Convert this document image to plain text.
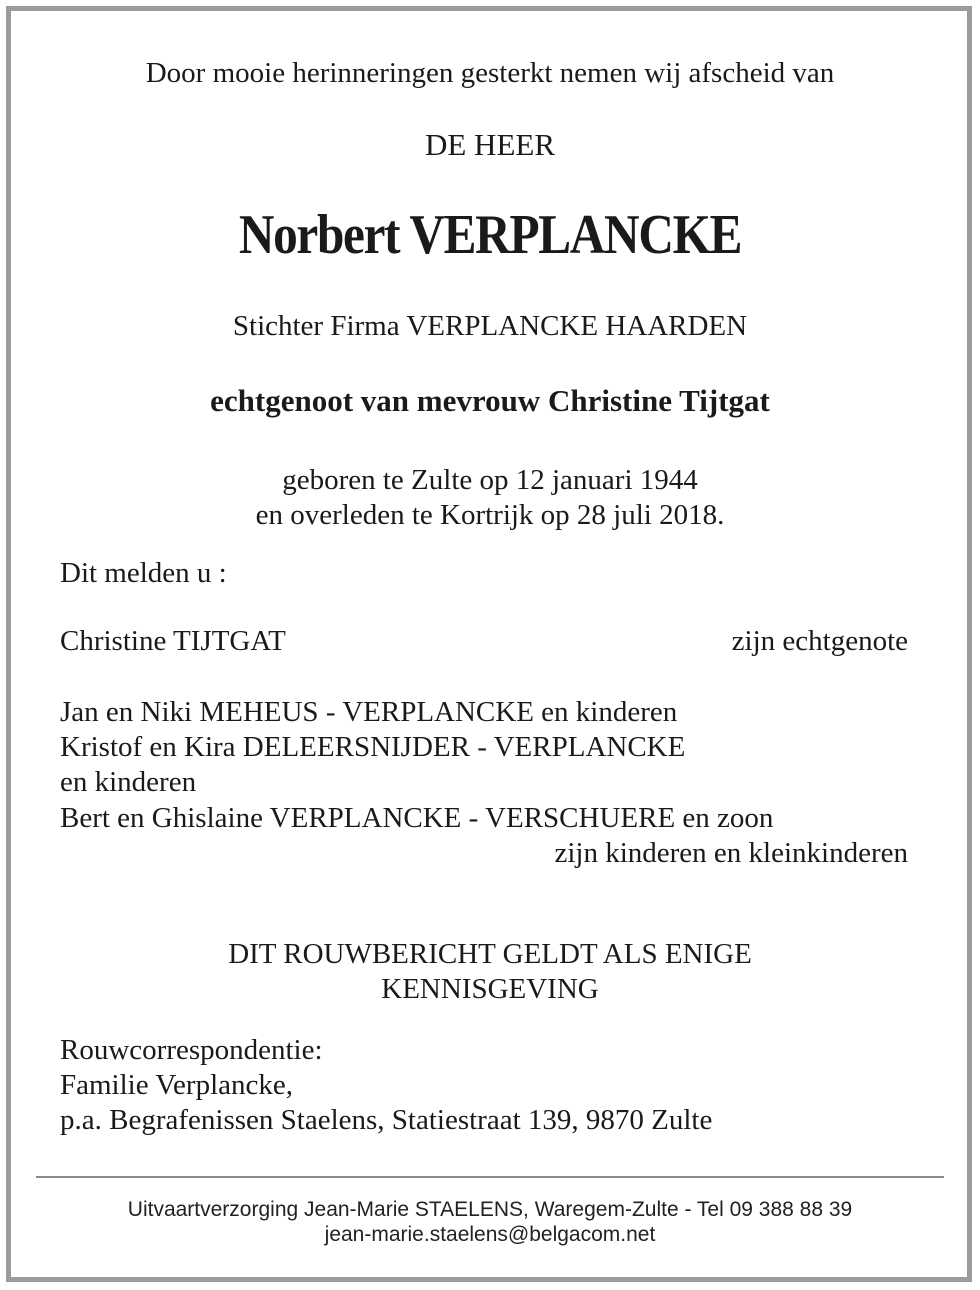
Door mooie herinneringen gesterkt nemen wij afscheid van
DE HEER
Norbert VERPLANCKE
Stichter Firma VERPLANCKE HAARDEN
echtgenoot van mevrouw Christine Tijtgat
geboren te Zulte op 12 januari 1944
en overleden te Kortrijk op 28 juli 2018.
Dit melden u :
Christine TIJTGAT	zijn echtgenote
Jan en Niki MEHEUS - VERPLANCKE en kinderen
Kristof en Kira DELEERSNIJDER - VERPLANCKE
en kinderen
Bert en Ghislaine VERPLANCKE - VERSCHUERE en zoon
zijn kinderen en kleinkinderen
DIT ROUWBERICHT GELDT ALS ENIGE
KENNISGEVING
Rouwcorrespondentie:
Familie Verplancke,
p.a. Begrafenissen Staelens, Statiestraat 139, 9870 Zulte
Uitvaartverzorging Jean-Marie STAELENS, Waregem-Zulte - Tel 09 388 88 39
jean-marie.staelens@belgacom.net
